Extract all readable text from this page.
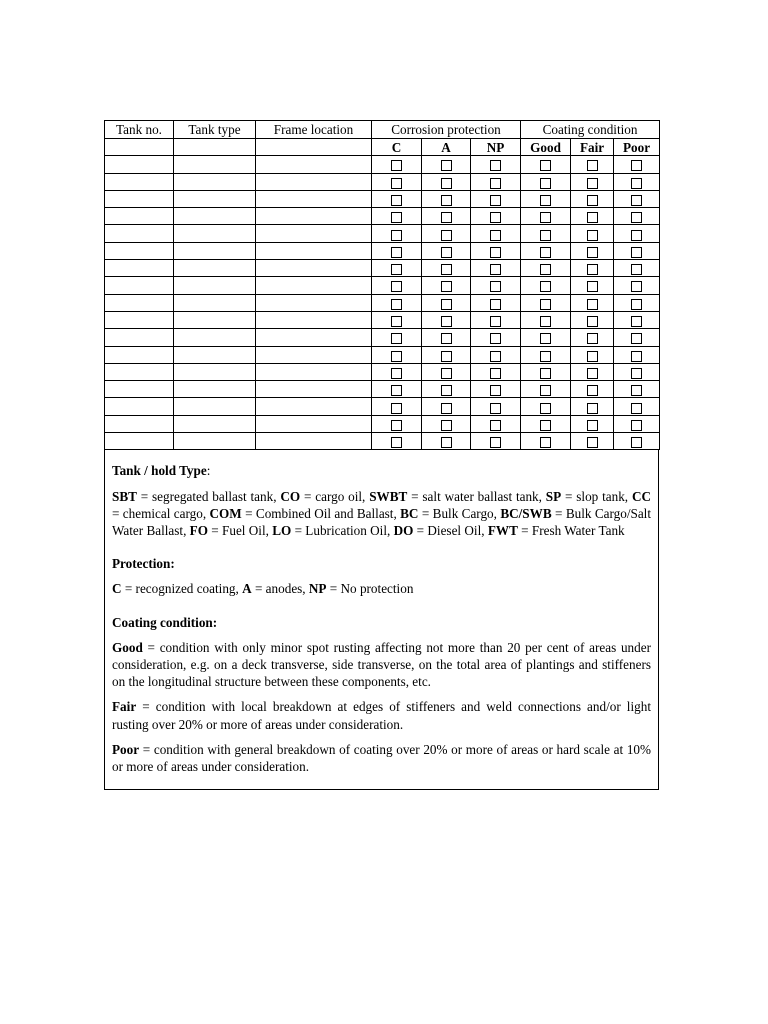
Tank no.	Tank type	Frame location	Corrosion protection			Coating condition		
			C	A	NP	Good	Fair	Poor

Tank / hold Type:

SBT = segregated ballast tank, CO = cargo oil, SWBT = salt water ballast tank, SP = slop tank, CC = chemical cargo, COM = Combined Oil and Ballast, BC = Bulk Cargo, BC/SWB = Bulk Cargo/Salt Water Ballast, FO = Fuel Oil, LO = Lubrication Oil, DO = Diesel Oil, FWT = Fresh Water Tank

Protection:

C = recognized coating, A = anodes, NP = No protection

Coating condition:

Good = condition with only minor spot rusting affecting not more than 20 per cent of areas under consideration, e.g. on a deck transverse, side transverse, on the total area of plantings and stiffeners on the longitudinal structure between these components, etc.

Fair = condition with local breakdown at edges of stiffeners and weld connections and/or light rusting over 20% or more of areas under consideration.

Poor = condition with general breakdown of coating over 20% or more of areas or hard scale at 10% or more of areas under consideration.
